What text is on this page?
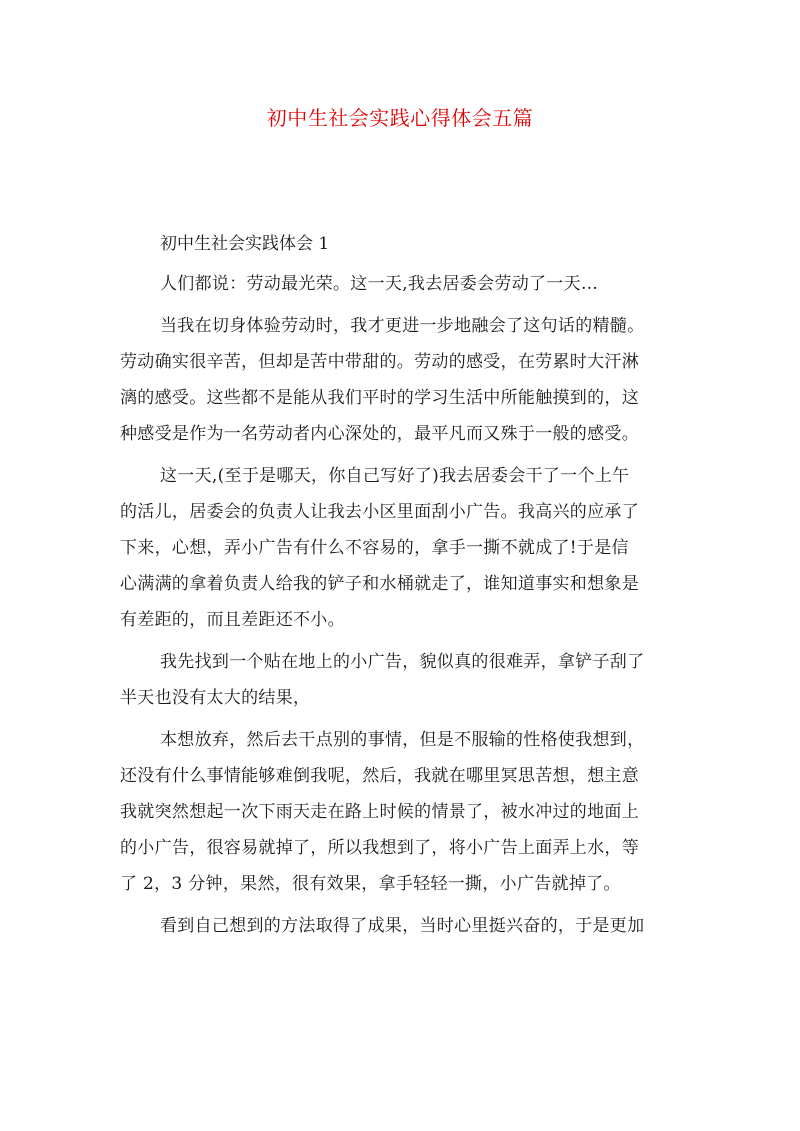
初中生社会实践心得体会五篇
初中生社会实践体会 1
人们都说：劳动最光荣。这一天,我去居委会劳动了一天…
当我在切身体验劳动时，我才更进一步地融会了这句话的精髓。
劳动确实很辛苦，但却是苦中带甜的。劳动的感受，在劳累时大汗淋
漓的感受。这些都不是能从我们平时的学习生活中所能触摸到的，这
种感受是作为一名劳动者内心深处的，最平凡而又殊于一般的感受。
这一天,(至于是哪天，你自己写好了)我去居委会干了一个上午
的活儿，居委会的负责人让我去小区里面刮小广告。我高兴的应承了
下来，心想，弄小广告有什么不容易的，拿手一撕不就成了!于是信
心满满的拿着负责人给我的铲子和水桶就走了，谁知道事实和想象是
有差距的，而且差距还不小。
我先找到一个贴在地上的小广告，貌似真的很难弄，拿铲子刮了
半天也没有太大的结果，
本想放弃，然后去干点别的事情，但是不服输的性格使我想到，
还没有什么事情能够难倒我呢，然后，我就在哪里冥思苦想，想主意
我就突然想起一次下雨天走在路上时候的情景了，被水冲过的地面上
的小广告，很容易就掉了，所以我想到了，将小广告上面弄上水，等
了 2，3 分钟，果然，很有效果，拿手轻轻一撕，小广告就掉了。
看到自己想到的方法取得了成果，当时心里挺兴奋的，于是更加
